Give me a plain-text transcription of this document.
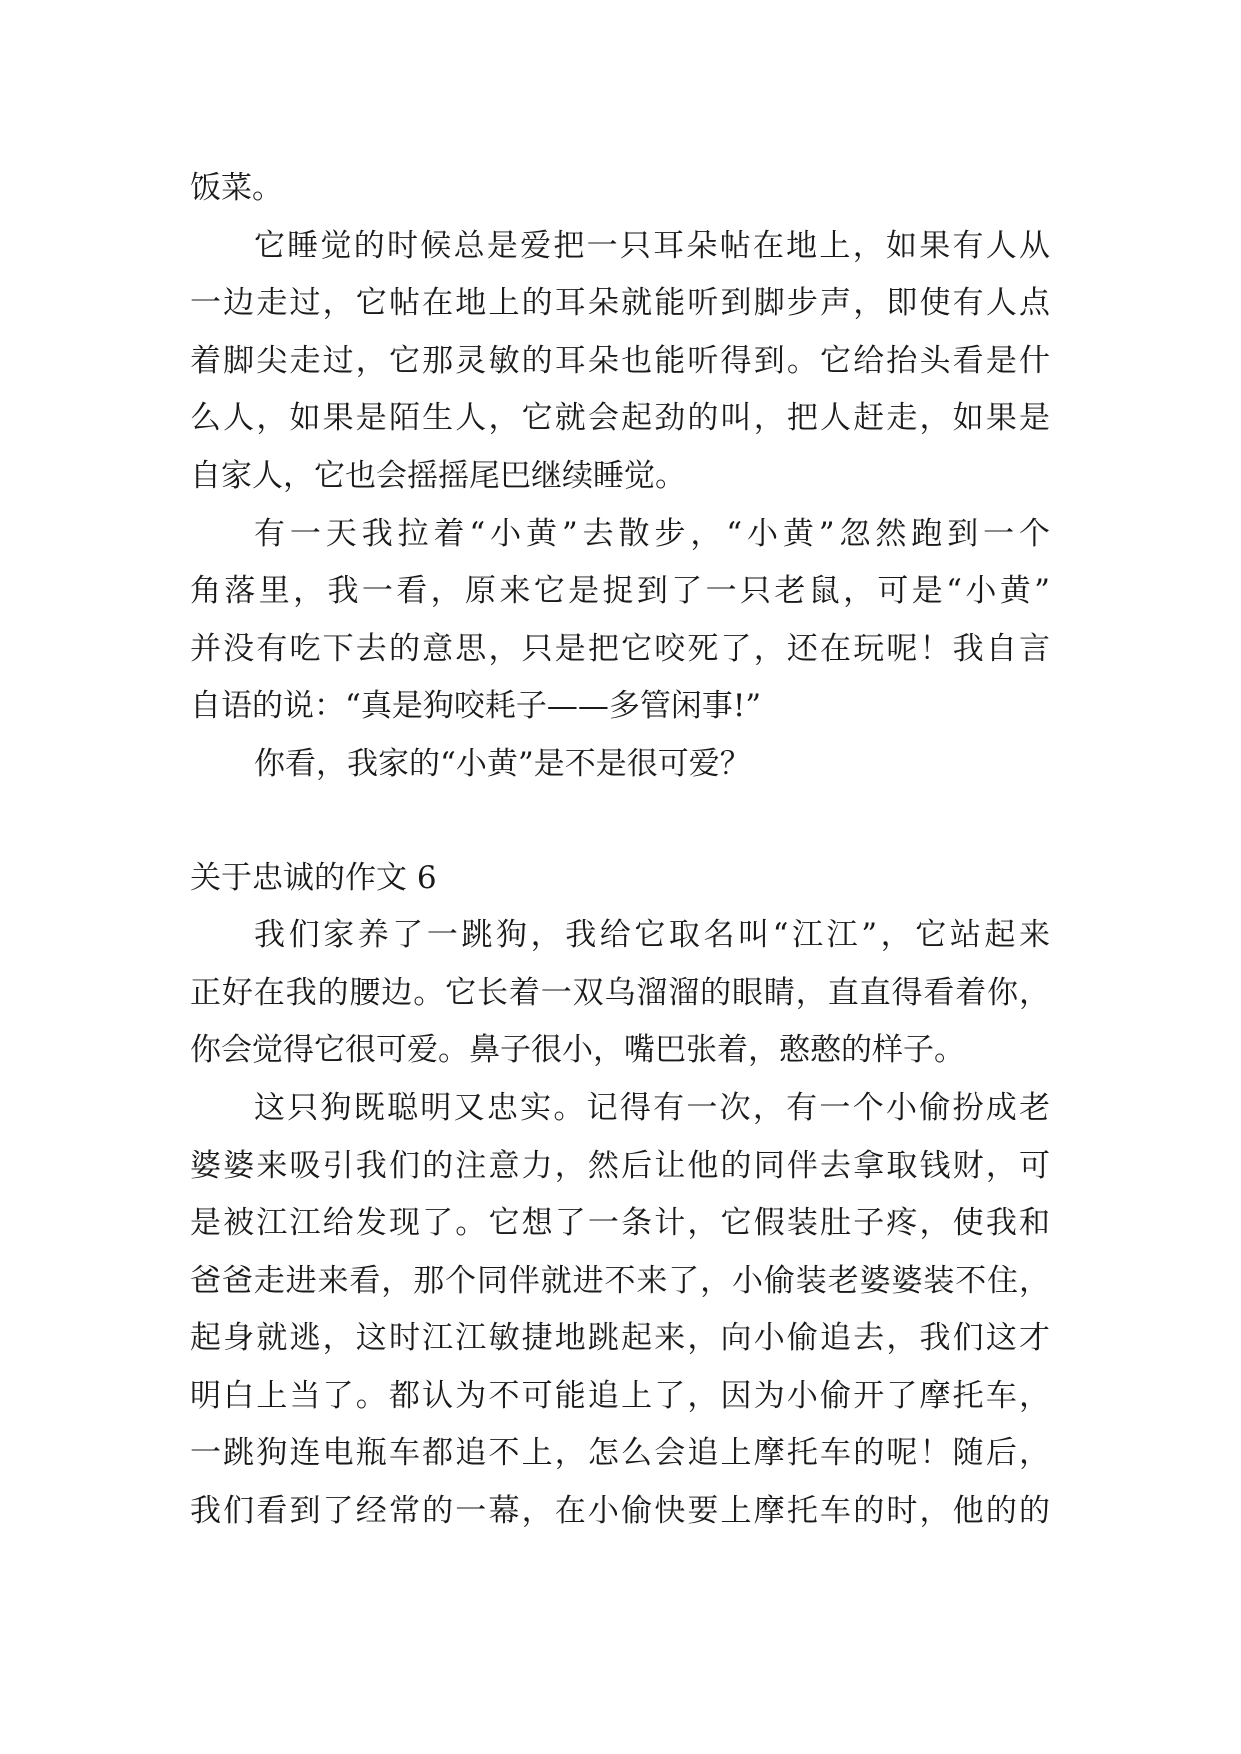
饭菜。
它睡觉的时候总是爱把一只耳朵帖在地上，如果有人从
一边走过，它帖在地上的耳朵就能听到脚步声，即使有人点
着脚尖走过，它那灵敏的耳朵也能听得到。它给抬头看是什
么人，如果是陌生人，它就会起劲的叫，把人赶走，如果是
自家人，它也会摇摇尾巴继续睡觉。
有一天我拉着“小黄”去散步，“小黄”忽然跑到一个
角落里，我一看，原来它是捉到了一只老鼠，可是“小黄”
并没有吃下去的意思，只是把它咬死了，还在玩呢！我自言
自语的说：“真是狗咬耗子——多管闲事!”
你看，我家的“小黄”是不是很可爱？
关于忠诚的作文 6
我们家养了一跳狗，我给它取名叫“江江”，它站起来
正好在我的腰边。它长着一双乌溜溜的眼睛，直直得看着你，
你会觉得它很可爱。鼻子很小，嘴巴张着，憨憨的样子。
这只狗既聪明又忠实。记得有一次，有一个小偷扮成老
婆婆来吸引我们的注意力，然后让他的同伴去拿取钱财，可
是被江江给发现了。它想了一条计，它假装肚子疼，使我和
爸爸走进来看，那个同伴就进不来了，小偷装老婆婆装不住，
起身就逃，这时江江敏捷地跳起来，向小偷追去，我们这才
明白上当了。都认为不可能追上了，因为小偷开了摩托车，
一跳狗连电瓶车都追不上，怎么会追上摩托车的呢！随后，
我们看到了经常的一幕，在小偷快要上摩托车的时，他的的
